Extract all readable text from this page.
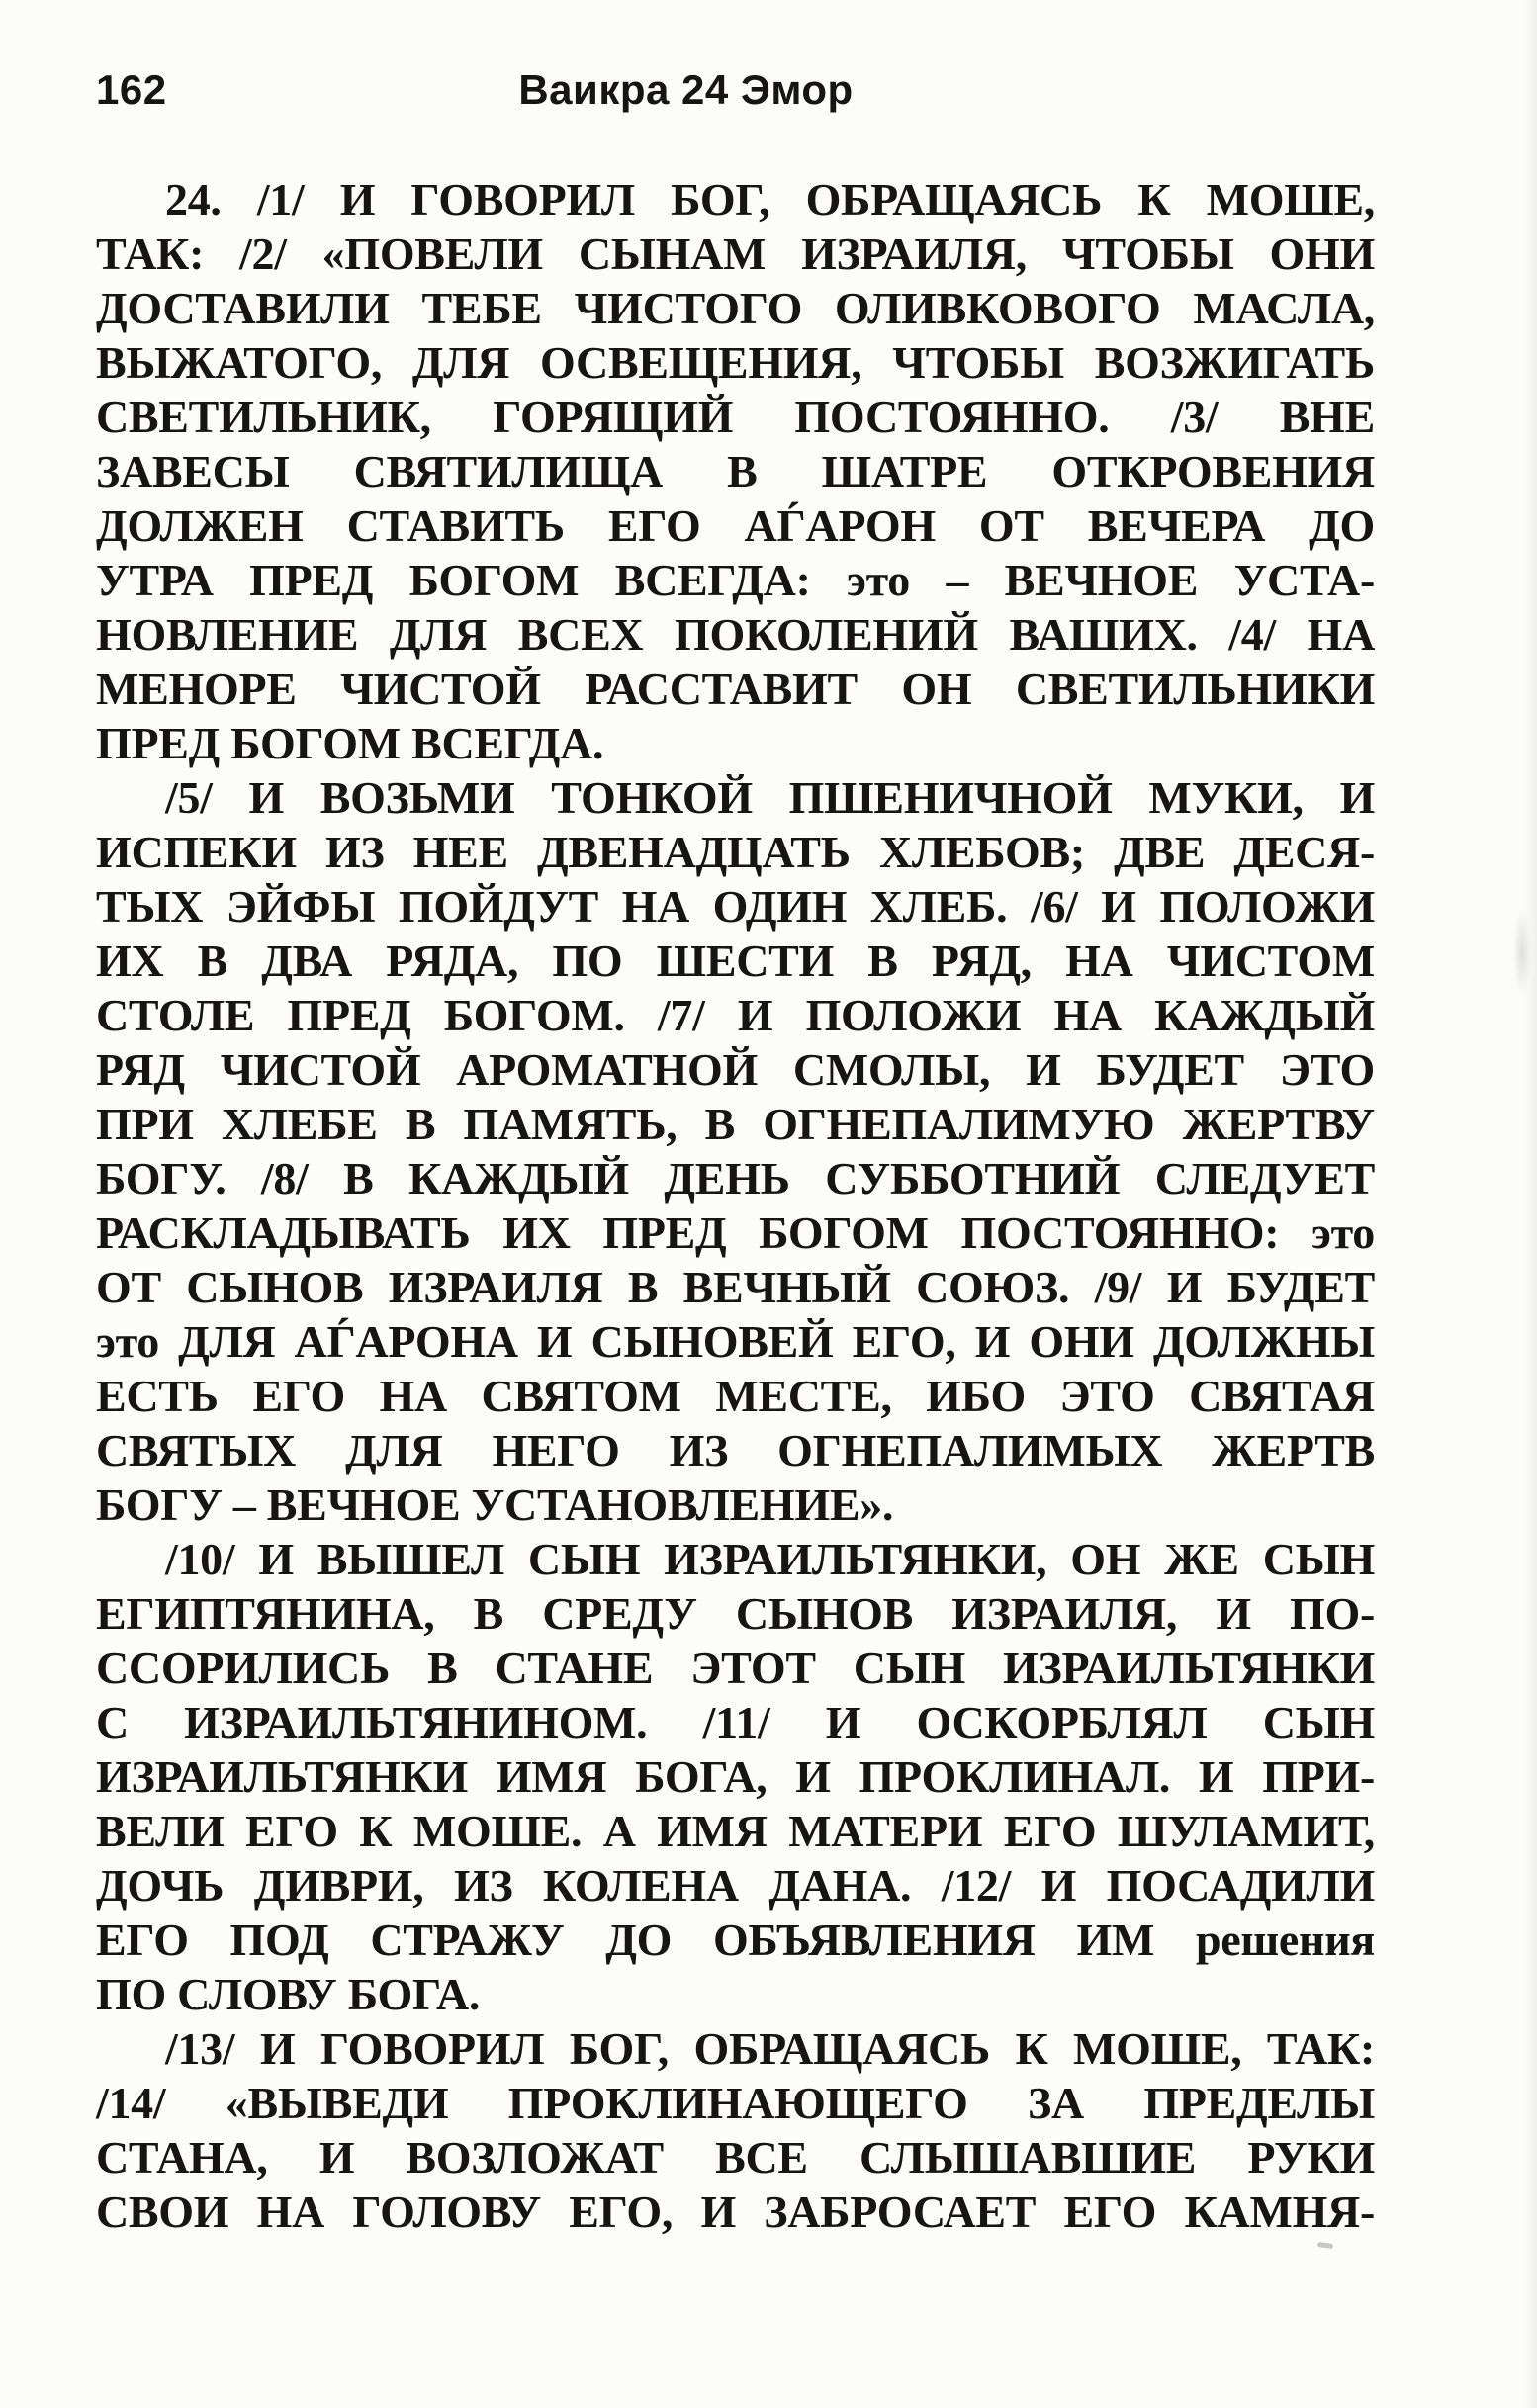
162	Ваикра 24 Эмор
24. /1/ И ГОВОРИЛ БОГ, ОБРАЩАЯСЬ К МОШЕ,
ТАК: /2/ «ПОВЕЛИ СЫНАМ ИЗРАИЛЯ, ЧТОБЫ ОНИ
ДОСТАВИЛИ ТЕБЕ ЧИСТОГО ОЛИВКОВОГО МАСЛА,
ВЫЖАТОГО, ДЛЯ ОСВЕЩЕНИЯ, ЧТОБЫ ВОЗЖИГАТЬ
СВЕТИЛЬНИК, ГОРЯЩИЙ ПОСТОЯННО. /3/ ВНЕ
ЗАВЕСЫ СВЯТИЛИЩА В ШАТРЕ ОТКРОВЕНИЯ
ДОЛЖЕН СТАВИТЬ ЕГО АЃАРОН ОТ ВЕЧЕРА ДО
УТРА ПРЕД БОГОМ ВСЕГДА: это – ВЕЧНОЕ УСТА-
НОВЛЕНИЕ ДЛЯ ВСЕХ ПОКОЛЕНИЙ ВАШИХ. /4/ НА
МЕНОРЕ ЧИСТОЙ РАССТАВИТ ОН СВЕТИЛЬНИКИ
ПРЕД БОГОМ ВСЕГДА.
/5/ И ВОЗЬМИ ТОНКОЙ ПШЕНИЧНОЙ МУКИ, И
ИСПЕКИ ИЗ НЕЕ ДВЕНАДЦАТЬ ХЛЕБОВ; ДВЕ ДЕСЯ-
ТЫХ ЭЙФЫ ПОЙДУТ НА ОДИН ХЛЕБ. /6/ И ПОЛОЖИ
ИХ В ДВА РЯДА, ПО ШЕСТИ В РЯД, НА ЧИСТОМ
СТОЛЕ ПРЕД БОГОМ. /7/ И ПОЛОЖИ НА КАЖДЫЙ
РЯД ЧИСТОЙ АРОМАТНОЙ СМОЛЫ, И БУДЕТ ЭТО
ПРИ ХЛЕБЕ В ПАМЯТЬ, В ОГНЕПАЛИМУЮ ЖЕРТВУ
БОГУ. /8/ В КАЖДЫЙ ДЕНЬ СУББОТНИЙ СЛЕДУЕТ
РАСКЛАДЫВАТЬ ИХ ПРЕД БОГОМ ПОСТОЯННО: это
ОТ СЫНОВ ИЗРАИЛЯ В ВЕЧНЫЙ СОЮЗ. /9/ И БУДЕТ
это ДЛЯ АЃАРОНА И СЫНОВЕЙ ЕГО, И ОНИ ДОЛЖНЫ
ЕСТЬ ЕГО НА СВЯТОМ МЕСТЕ, ИБО ЭТО СВЯТАЯ
СВЯТЫХ ДЛЯ НЕГО ИЗ ОГНЕПАЛИМЫХ ЖЕРТВ
БОГУ – ВЕЧНОЕ УСТАНОВЛЕНИЕ».
/10/ И ВЫШЕЛ СЫН ИЗРАИЛЬТЯНКИ, ОН ЖЕ СЫН
ЕГИПТЯНИНА, В СРЕДУ СЫНОВ ИЗРАИЛЯ, И ПО-
ССОРИЛИСЬ В СТАНЕ ЭТОТ СЫН ИЗРАИЛЬТЯНКИ
С ИЗРАИЛЬТЯНИНОМ. /11/ И ОСКОРБЛЯЛ СЫН
ИЗРАИЛЬТЯНКИ ИМЯ БОГА, И ПРОКЛИНАЛ. И ПРИ-
ВЕЛИ ЕГО К МОШЕ. А ИМЯ МАТЕРИ ЕГО ШУЛАМИТ,
ДОЧЬ ДИВРИ, ИЗ КОЛЕНА ДАНА. /12/ И ПОСАДИЛИ
ЕГО ПОД СТРАЖУ ДО ОБЪЯВЛЕНИЯ ИМ решения
ПО СЛОВУ БОГА.
/13/ И ГОВОРИЛ БОГ, ОБРАЩАЯСЬ К МОШЕ, ТАК:
/14/ «ВЫВЕДИ ПРОКЛИНАЮЩЕГО ЗА ПРЕДЕЛЫ
СТАНА, И ВОЗЛОЖАТ ВСЕ СЛЫШАВШИЕ РУКИ
СВОИ НА ГОЛОВУ ЕГО, И ЗАБРОСАЕТ ЕГО КАМНЯ-
